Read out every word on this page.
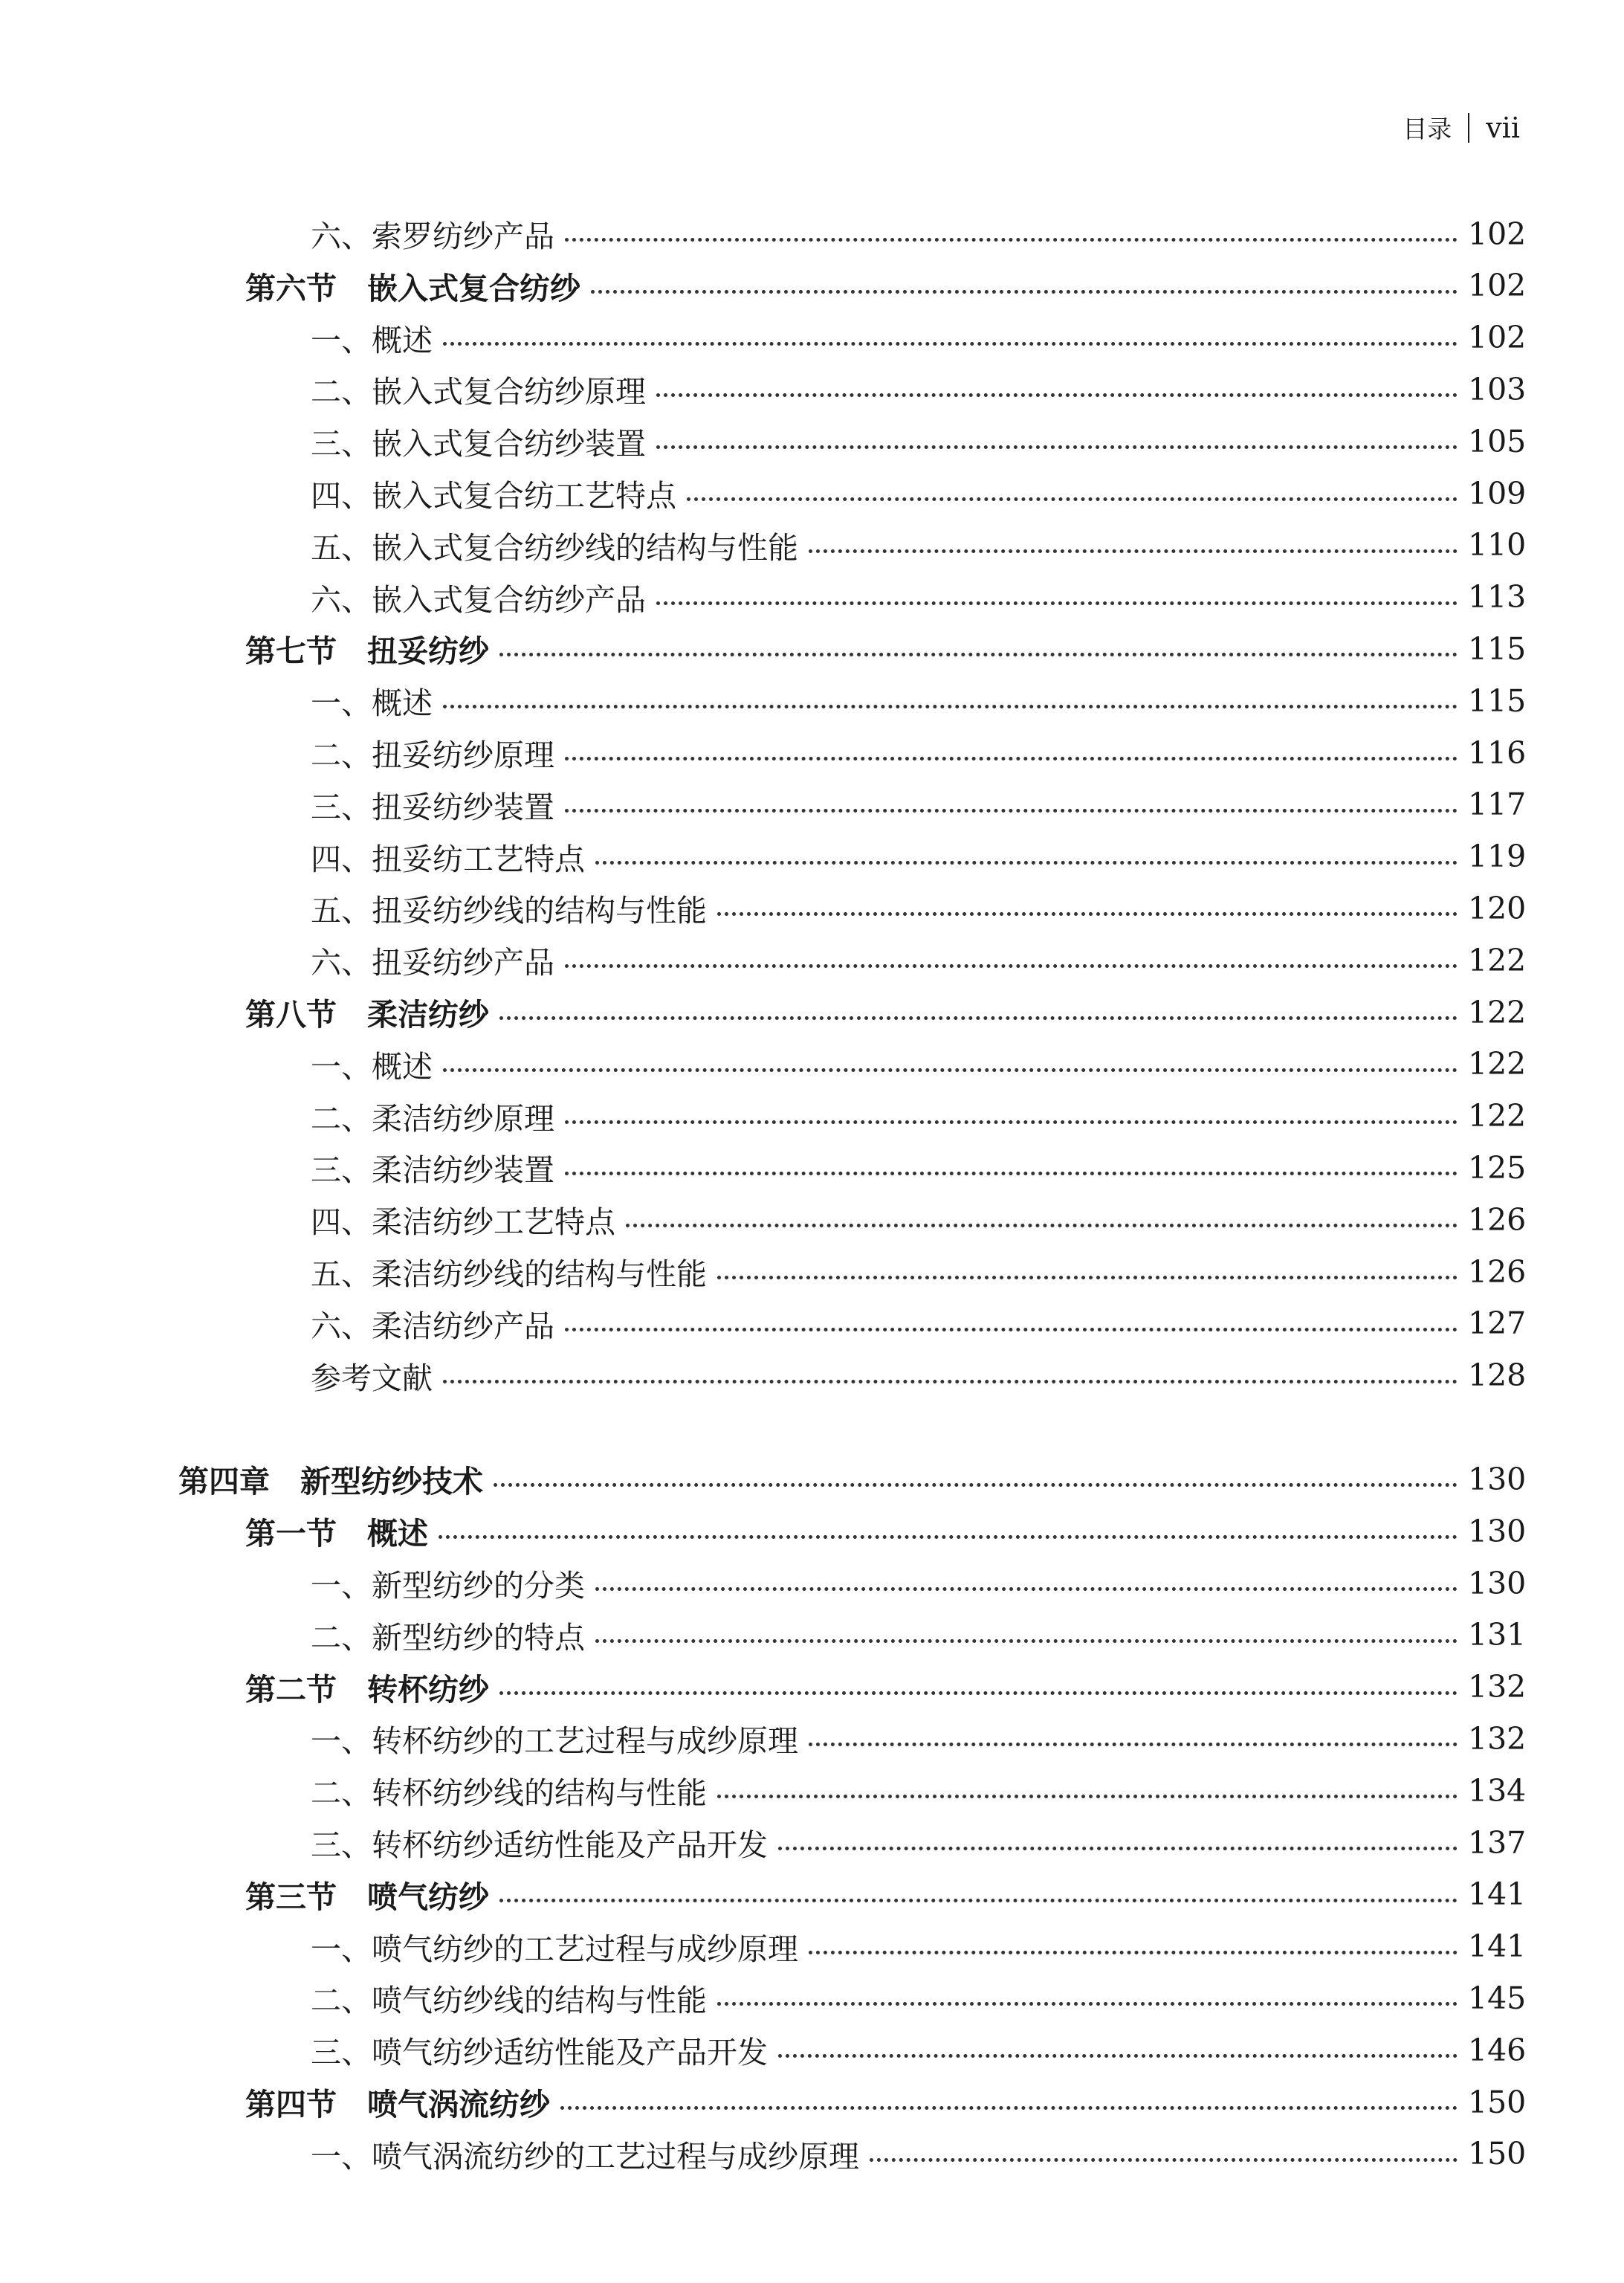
目录 vii
六、索罗纺纱产品	102
第六节　嵌入式复合纺纱	102
一、概述	102
二、嵌入式复合纺纱原理	103
三、嵌入式复合纺纱装置	105
四、嵌入式复合纺工艺特点	109
五、嵌入式复合纺纱线的结构与性能	110
六、嵌入式复合纺纱产品	113
第七节　扭妥纺纱	115
一、概述	115
二、扭妥纺纱原理	116
三、扭妥纺纱装置	117
四、扭妥纺工艺特点	119
五、扭妥纺纱线的结构与性能	120
六、扭妥纺纱产品	122
第八节　柔洁纺纱	122
一、概述	122
二、柔洁纺纱原理	122
三、柔洁纺纱装置	125
四、柔洁纺纱工艺特点	126
五、柔洁纺纱线的结构与性能	126
六、柔洁纺纱产品	127
参考文献	128
第四章　新型纺纱技术	130
第一节　概述	130
一、新型纺纱的分类	130
二、新型纺纱的特点	131
第二节　转杯纺纱	132
一、转杯纺纱的工艺过程与成纱原理	132
二、转杯纺纱线的结构与性能	134
三、转杯纺纱适纺性能及产品开发	137
第三节　喷气纺纱	141
一、喷气纺纱的工艺过程与成纱原理	141
二、喷气纺纱线的结构与性能	145
三、喷气纺纱适纺性能及产品开发	146
第四节　喷气涡流纺纱	150
一、喷气涡流纺纱的工艺过程与成纱原理	150
